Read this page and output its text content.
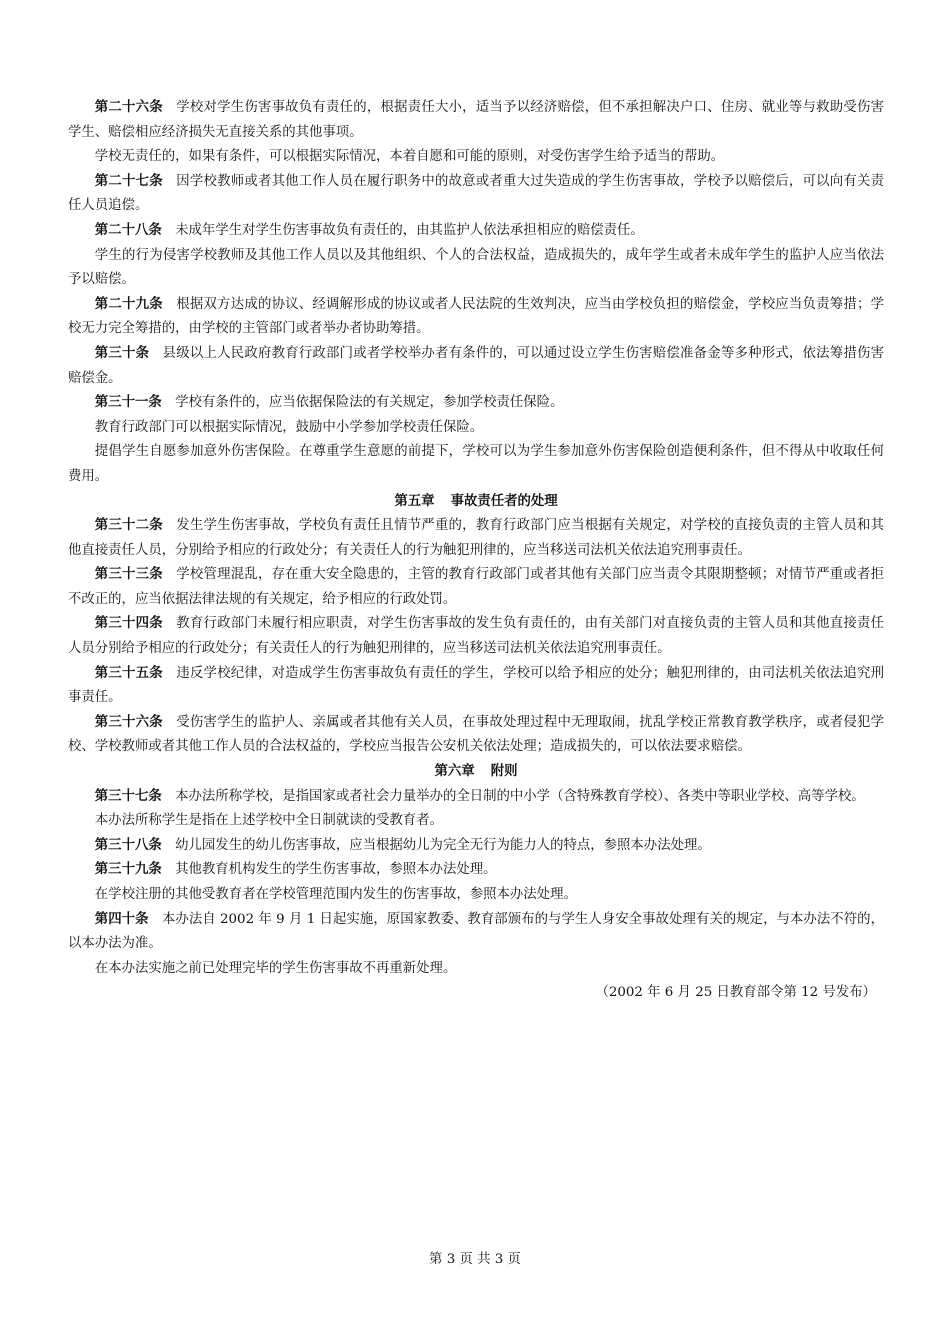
第二十六条 学校对学生伤害事故负有责任的，根据责任大小，适当予以经济赔偿，但不承担解决户口、住房、就业等与救助受伤害学生、赔偿相应经济损失无直接关系的其他事项。

学校无责任的，如果有条件，可以根据实际情况，本着自愿和可能的原则，对受伤害学生给予适当的帮助。

第二十七条 因学校教师或者其他工作人员在履行职务中的故意或者重大过失造成的学生伤害事故，学校予以赔偿后，可以向有关责任人员追偿。

第二十八条 未成年学生对学生伤害事故负有责任的，由其监护人依法承担相应的赔偿责任。

学生的行为侵害学校教师及其他工作人员以及其他组织、个人的合法权益，造成损失的，成年学生或者未成年学生的监护人应当依法予以赔偿。

第二十九条 根据双方达成的协议、经调解形成的协议或者人民法院的生效判决，应当由学校负担的赔偿金，学校应当负责筹措；学校无力完全筹措的，由学校的主管部门或者举办者协助筹措。

第三十条 县级以上人民政府教育行政部门或者学校举办者有条件的，可以通过设立学生伤害赔偿准备金等多种形式，依法筹措伤害赔偿金。

第三十一条 学校有条件的，应当依据保险法的有关规定，参加学校责任保险。

教育行政部门可以根据实际情况，鼓励中小学参加学校责任保险。

提倡学生自愿参加意外伤害保险。在尊重学生意愿的前提下，学校可以为学生参加意外伤害保险创造便利条件，但不得从中收取任何费用。

第五章 事故责任者的处理

第三十二条 发生学生伤害事故，学校负有责任且情节严重的，教育行政部门应当根据有关规定，对学校的直接负责的主管人员和其他直接责任人员，分别给予相应的行政处分；有关责任人的行为触犯刑律的，应当移送司法机关依法追究刑事责任。

第三十三条 学校管理混乱，存在重大安全隐患的，主管的教育行政部门或者其他有关部门应当责令其限期整顿；对情节严重或者拒不改正的，应当依据法律法规的有关规定，给予相应的行政处罚。

第三十四条 教育行政部门未履行相应职责，对学生伤害事故的发生负有责任的，由有关部门对直接负责的主管人员和其他直接责任人员分别给予相应的行政处分；有关责任人的行为触犯刑律的，应当移送司法机关依法追究刑事责任。

第三十五条 违反学校纪律，对造成学生伤害事故负有责任的学生，学校可以给予相应的处分；触犯刑律的，由司法机关依法追究刑事责任。

第三十六条 受伤害学生的监护人、亲属或者其他有关人员，在事故处理过程中无理取闹，扰乱学校正常教育教学秩序，或者侵犯学校、学校教师或者其他工作人员的合法权益的，学校应当报告公安机关依法处理；造成损失的，可以依法要求赔偿。

第六章 附则

第三十七条 本办法所称学校，是指国家或者社会力量举办的全日制的中小学（含特殊教育学校）、各类中等职业学校、高等学校。

本办法所称学生是指在上述学校中全日制就读的受教育者。

第三十八条 幼儿园发生的幼儿伤害事故，应当根据幼儿为完全无行为能力人的特点，参照本办法处理。

第三十九条 其他教育机构发生的学生伤害事故，参照本办法处理。

在学校注册的其他受教育者在学校管理范围内发生的伤害事故，参照本办法处理。

第四十条 本办法自 2002 年 9 月 1 日起实施，原国家教委、教育部颁布的与学生人身安全事故处理有关的规定，与本办法不符的，以本办法为准。

在本办法实施之前已处理完毕的学生伤害事故不再重新处理。

（2002 年 6 月 25 日教育部令第 12 号发布）

第 3 页 共 3 页
